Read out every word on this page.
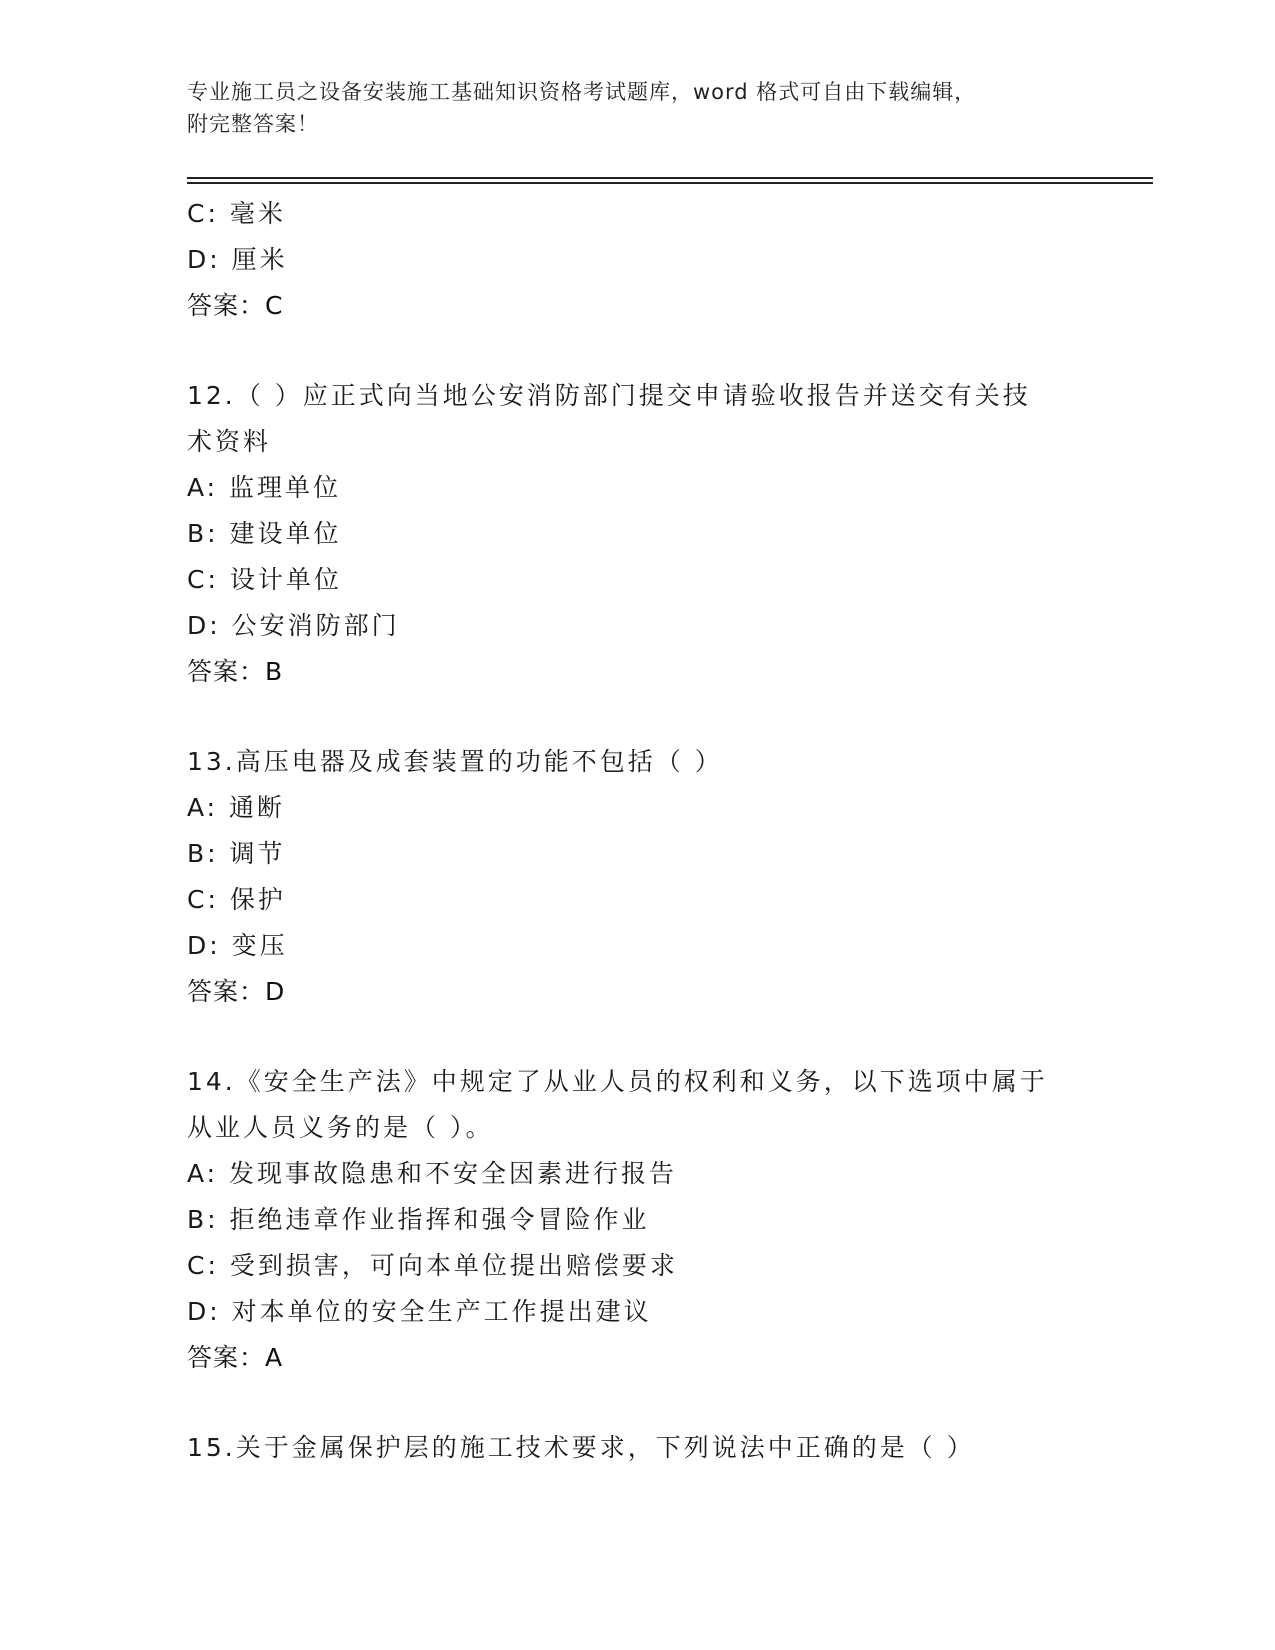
专业施工员之设备安装施工基础知识资格考试题库，word 格式可自由下载编辑，
附完整答案！
C: 毫米
D: 厘米
答案：C
12.（ ）应正式向当地公安消防部门提交申请验收报告并送交有关技
术资料
A: 监理单位
B: 建设单位
C: 设计单位
D: 公安消防部门
答案：B
13.高压电器及成套装置的功能不包括（ ）
A: 通断
B: 调节
C: 保护
D: 变压
答案：D
14.《安全生产法》中规定了从业人员的权利和义务，以下选项中属于
从业人员义务的是（ ）。
A: 发现事故隐患和不安全因素进行报告
B: 拒绝违章作业指挥和强令冒险作业
C: 受到损害，可向本单位提出赔偿要求
D: 对本单位的安全生产工作提出建议
答案：A
15.关于金属保护层的施工技术要求，下列说法中正确的是（ ）
